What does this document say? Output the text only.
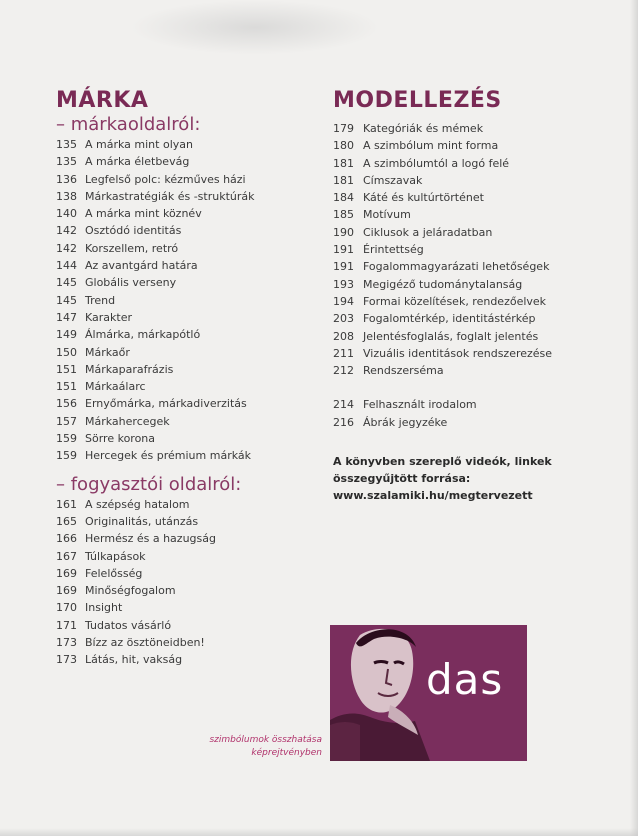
MÁRKA
– márkaoldalról:
135 A márka mint olyan
135 A márka életbevág
136 Legfelső polc: kézműves házi
138 Márkastratégiák és -struktúrák
140 A márka mint köznév
142 Osztódó identitás
142 Korszellem, retró
144 Az avantgárd határa
145 Globális verseny
145 Trend
147 Karakter
149 Álmárka, márkapótló
150 Márkaőr
151 Márkaparafrázis
151 Márkaálarc
156 Ernyőmárka, márkadiverzitás
157 Márkahercegek
159 Sörre korona
159 Hercegek és prémium márkák
– fogyasztói oldalról:
161 A szépség hatalom
165 Originalitás, utánzás
166 Hermész és a hazugság
167 Túlkapások
169 Felelősség
169 Minőségfogalom
170 Insight
171 Tudatos vásárló
173 Bízz az ösztöneidben!
173 Látás, hit, vakság
MODELLEZÉS
179 Kategóriák és mémek
180 A szimbólum mint forma
181 A szimbólumtól a logó felé
181 Címszavak
184 Káté és kultúrtörténet
185 Motívum
190 Ciklusok a jeláradatban
191 Érintettség
191 Fogalommagyarázati lehetőségek
193 Megigéző tudománytalanság
194 Formai közelítések, rendezőelvek
203 Fogalomtérkép, identitástérkép
208 Jelentésfoglalás, foglalt jelentés
211 Vizuális identitások rendszerezése
212 Rendszerséma
214 Felhasznált irodalom
216 Ábrák jegyzéke
A könyvben szereplő videók, linkek
összegyűjtött forrása:
www.szalamiki.hu/megtervezett
das
szimbólumok összhatása
képrejtvényben
